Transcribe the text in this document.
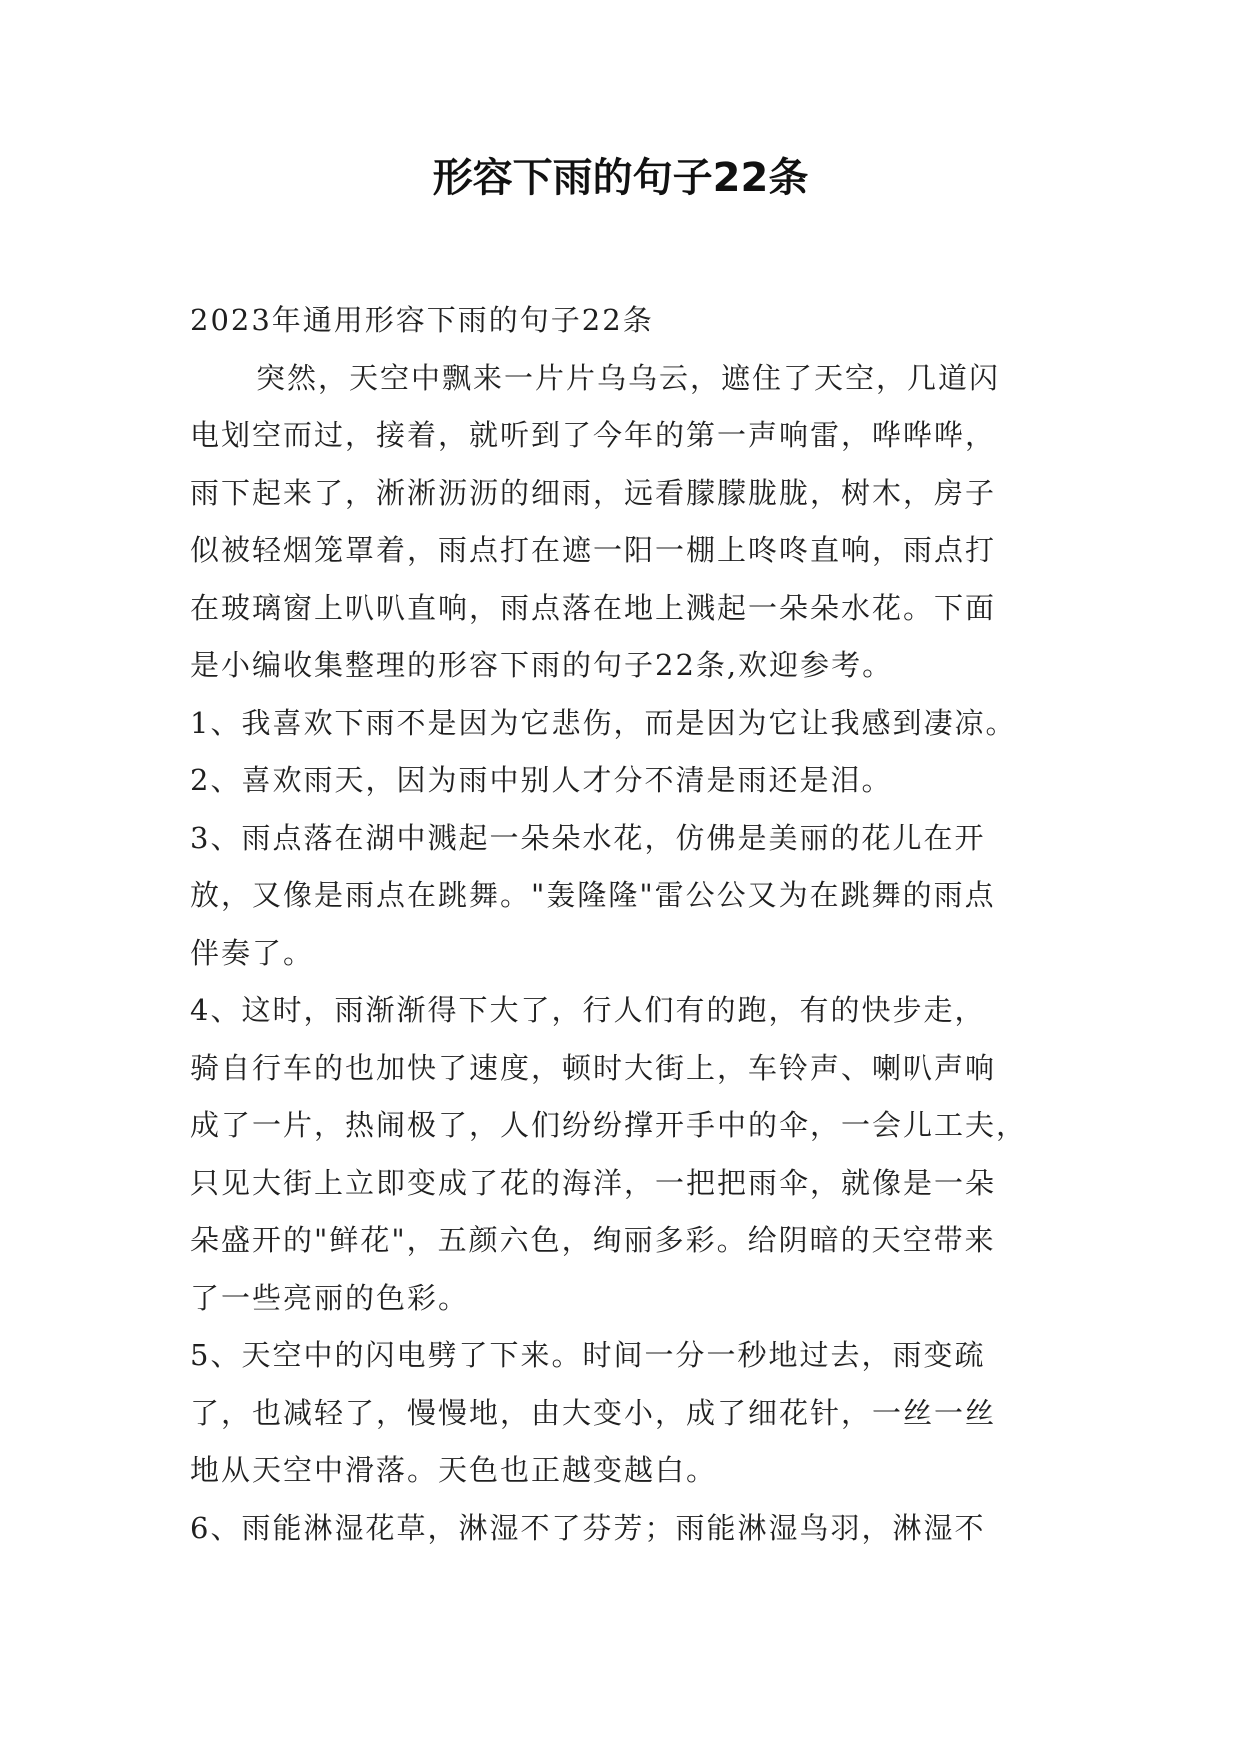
形容下雨的句子22条

2023年通用形容下雨的句子22条

突然，天空中飘来一片片乌乌云，遮住了天空，几道闪

电划空而过，接着，就听到了今年的第一声响雷，哗哗哗，

雨下起来了，淅淅沥沥的细雨，远看朦朦胧胧，树木，房子

似被轻烟笼罩着，雨点打在遮一阳一棚上咚咚直响，雨点打

在玻璃窗上叭叭直响，雨点落在地上溅起一朵朵水花。下面

是小编收集整理的形容下雨的句子22条,欢迎参考。

1、我喜欢下雨不是因为它悲伤，而是因为它让我感到凄凉。

2、喜欢雨天，因为雨中别人才分不清是雨还是泪。

3、雨点落在湖中溅起一朵朵水花，仿佛是美丽的花儿在开

放，又像是雨点在跳舞。"轰隆隆"雷公公又为在跳舞的雨点

伴奏了。

4、这时，雨渐渐得下大了，行人们有的跑，有的快步走，

骑自行车的也加快了速度，顿时大街上，车铃声、喇叭声响

成了一片，热闹极了，人们纷纷撑开手中的伞，一会儿工夫，

只见大街上立即变成了花的海洋，一把把雨伞，就像是一朵

朵盛开的"鲜花"，五颜六色，绚丽多彩。给阴暗的天空带来

了一些亮丽的色彩。

5、天空中的闪电劈了下来。时间一分一秒地过去，雨变疏

了，也减轻了，慢慢地，由大变小，成了细花针，一丝一丝

地从天空中滑落。天色也正越变越白。

6、雨能淋湿花草，淋湿不了芬芳；雨能淋湿鸟羽，淋湿不
